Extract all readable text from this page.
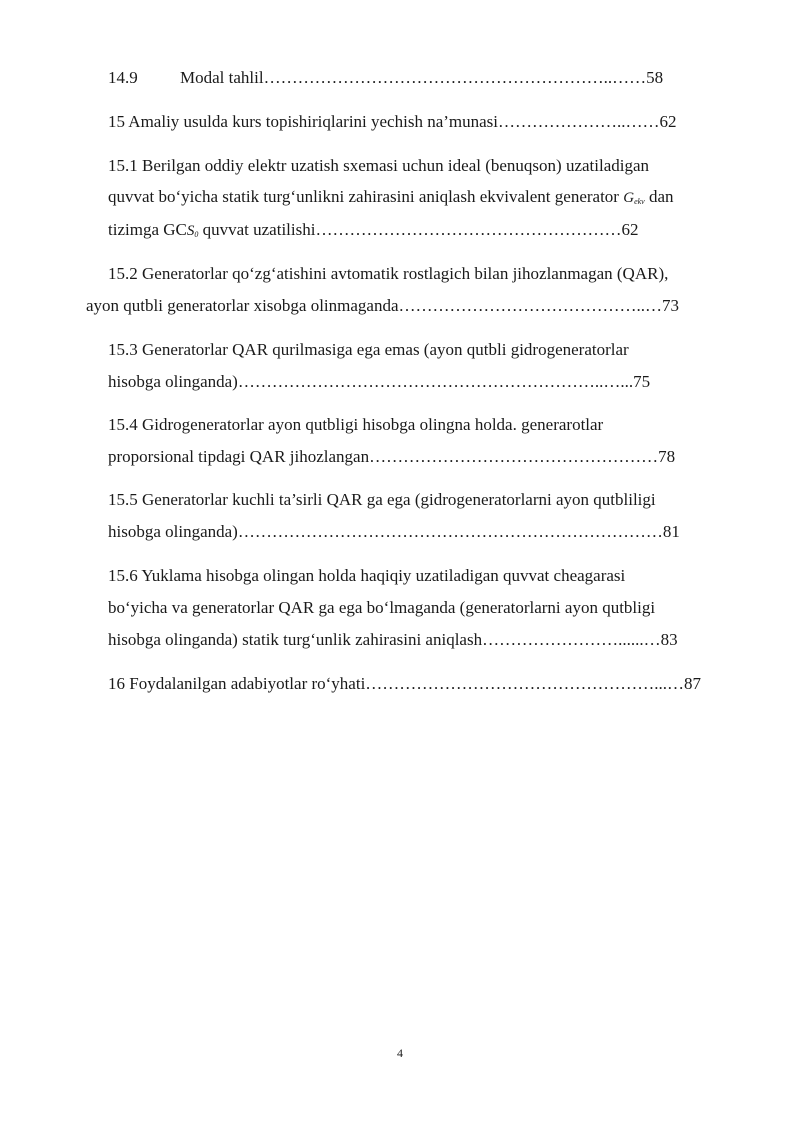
14.9 Modal tahlil……………………………………………………..……58
15 Amaliy usulda kurs topishiriqlarini yechish na’munasi…………………..……62
15.1 Berilgan oddiy elektr uzatish sxemasi uchun ideal (benuqson) uzatiladigan
quvvat bo‘yicha statik turg‘unlikni zahirasini aniqlash ekvivalent generator $G_{ekv}$ dan
tizimga $GCS_0$ quvvat uzatilishi………………………………………………62
15.2 Generatorlar qo‘zg‘atishini avtomatik rostlagich bilan jihozlanmagan (QAR),
ayon qutbli generatorlar xisobga olinmaganda……………………………………..…73
15.3 Generatorlar QAR qurilmasiga ega emas (ayon qutbli gidrogeneratorlar
hisobga olinganda)………………………………………………………..…...75
15.4 Gidrogeneratorlar ayon qutbligi hisobga olingna holda. generarotlar
proporsional tipdagi QAR jihozlangan……………………………………………78
15.5 Generatorlar kuchli ta’sirli QAR ga ega (gidrogeneratorlarni ayon qutbliligi
hisobga olinganda)…………………………………………………………………81
15.6 Yuklama hisobga olingan holda haqiqiy uzatiladigan quvvat cheagarasi
bo‘yicha va generatorlar QAR ga ega bo‘lmaganda (generatorlarni ayon qutbligi
hisobga olinganda) statik turg‘unlik zahirasini aniqlash……………………......…83
16 Foydalanilgan adabiyotlar ro‘yhati……………………………………………...…87
4
